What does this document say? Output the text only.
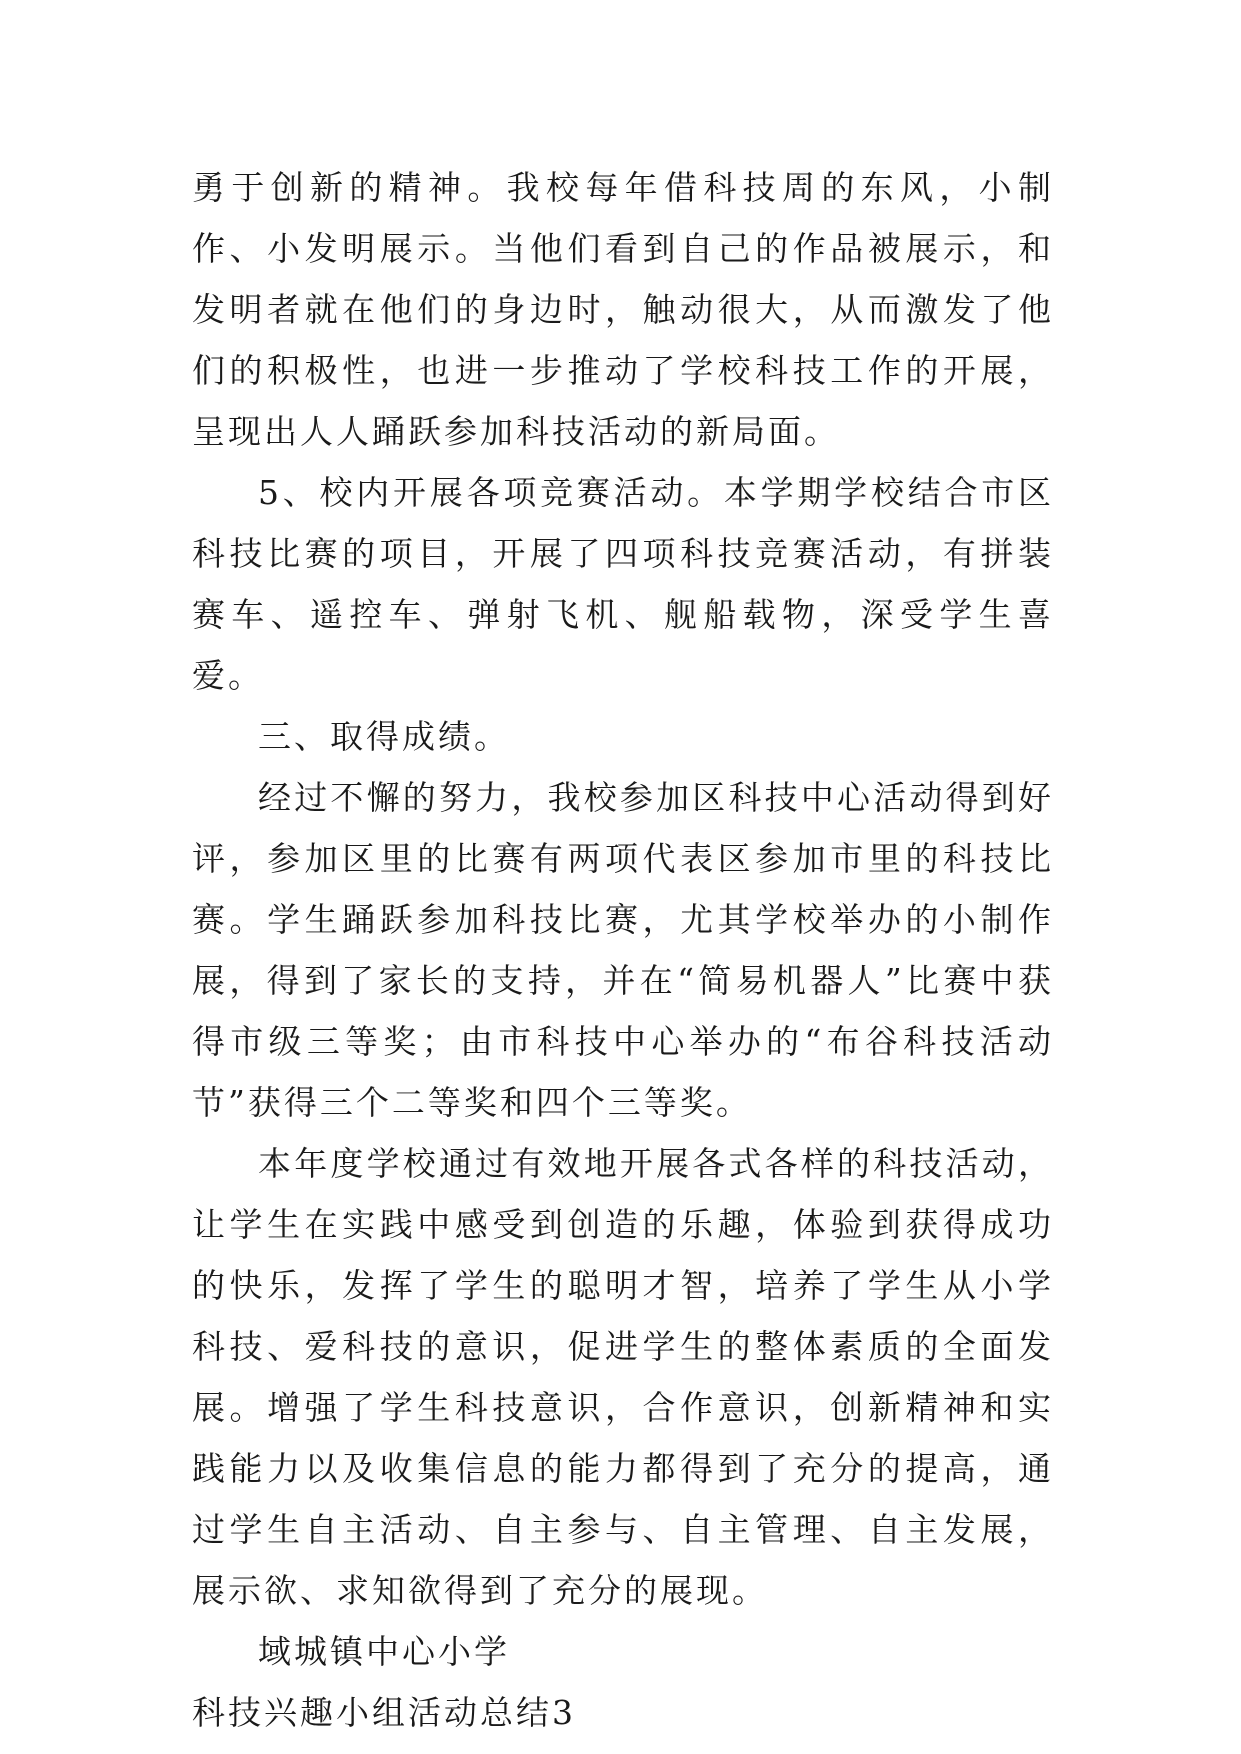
勇于创新的精神。我校每年借科技周的东风，小制作、小发明展示。当他们看到自己的作品被展示，和发明者就在他们的身边时，触动很大，从而激发了他们的积极性，也进一步推动了学校科技工作的开展，呈现出人人踊跃参加科技活动的新局面。

5、校内开展各项竞赛活动。本学期学校结合市区科技比赛的项目，开展了四项科技竞赛活动，有拼装赛车、遥控车、弹射飞机、舰船载物，深受学生喜爱。

三、取得成绩。

经过不懈的努力，我校参加区科技中心活动得到好评，参加区里的比赛有两项代表区参加市里的科技比赛。学生踊跃参加科技比赛，尤其学校举办的小制作展，得到了家长的支持，并在“简易机器人”比赛中获得市级三等奖；由市科技中心举办的“布谷科技活动节”获得三个二等奖和四个三等奖。

本年度学校通过有效地开展各式各样的科技活动，让学生在实践中感受到创造的乐趣，体验到获得成功的快乐，发挥了学生的聪明才智，培养了学生从小学科技、爱科技的意识，促进学生的整体素质的全面发展。增强了学生科技意识，合作意识，创新精神和实践能力以及收集信息的能力都得到了充分的提高，通过学生自主活动、自主参与、自主管理、自主发展，展示欲、求知欲得到了充分的展现。

域城镇中心小学

科技兴趣小组活动总结3
